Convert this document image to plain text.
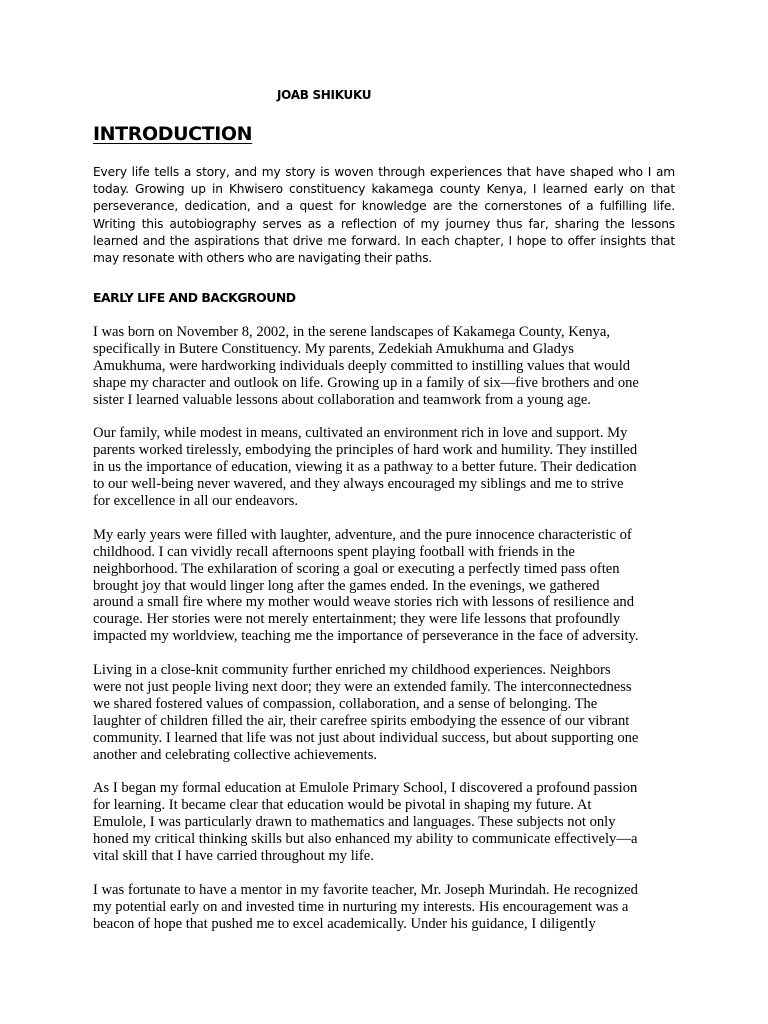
JOAB SHIKUKU
INTRODUCTION

Every life tells a story, and my story is woven through experiences that have shaped who I am today. Growing up in Khwisero constituency kakamega county Kenya, I learned early on that perseverance, dedication, and a quest for knowledge are the cornerstones of a fulfilling life. Writing this autobiography serves as a reflection of my journey thus far, sharing the lessons learned and the aspirations that drive me forward. In each chapter, I hope to offer insights that may resonate with others who are navigating their paths.

EARLY LIFE AND BACKGROUND

I was born on November 8, 2002, in the serene landscapes of Kakamega County, Kenya,
specifically in Butere Constituency. My parents, Zedekiah Amukhuma and Gladys
Amukhuma, were hardworking individuals deeply committed to instilling values that would
shape my character and outlook on life. Growing up in a family of six—five brothers and one
sister I learned valuable lessons about collaboration and teamwork from a young age.

Our family, while modest in means, cultivated an environment rich in love and support. My
parents worked tirelessly, embodying the principles of hard work and humility. They instilled
in us the importance of education, viewing it as a pathway to a better future. Their dedication
to our well-being never wavered, and they always encouraged my siblings and me to strive
for excellence in all our endeavors.

My early years were filled with laughter, adventure, and the pure innocence characteristic of
childhood. I can vividly recall afternoons spent playing football with friends in the
neighborhood. The exhilaration of scoring a goal or executing a perfectly timed pass often
brought joy that would linger long after the games ended. In the evenings, we gathered
around a small fire where my mother would weave stories rich with lessons of resilience and
courage. Her stories were not merely entertainment; they were life lessons that profoundly
impacted my worldview, teaching me the importance of perseverance in the face of adversity.

Living in a close-knit community further enriched my childhood experiences. Neighbors
were not just people living next door; they were an extended family. The interconnectedness
we shared fostered values of compassion, collaboration, and a sense of belonging. The
laughter of children filled the air, their carefree spirits embodying the essence of our vibrant
community. I learned that life was not just about individual success, but about supporting one
another and celebrating collective achievements.

As I began my formal education at Emulole Primary School, I discovered a profound passion
for learning. It became clear that education would be pivotal in shaping my future. At
Emulole, I was particularly drawn to mathematics and languages. These subjects not only
honed my critical thinking skills but also enhanced my ability to communicate effectively—a
vital skill that I have carried throughout my life.

I was fortunate to have a mentor in my favorite teacher, Mr. Joseph Murindah. He recognized
my potential early on and invested time in nurturing my interests. His encouragement was a
beacon of hope that pushed me to excel academically. Under his guidance, I diligently
